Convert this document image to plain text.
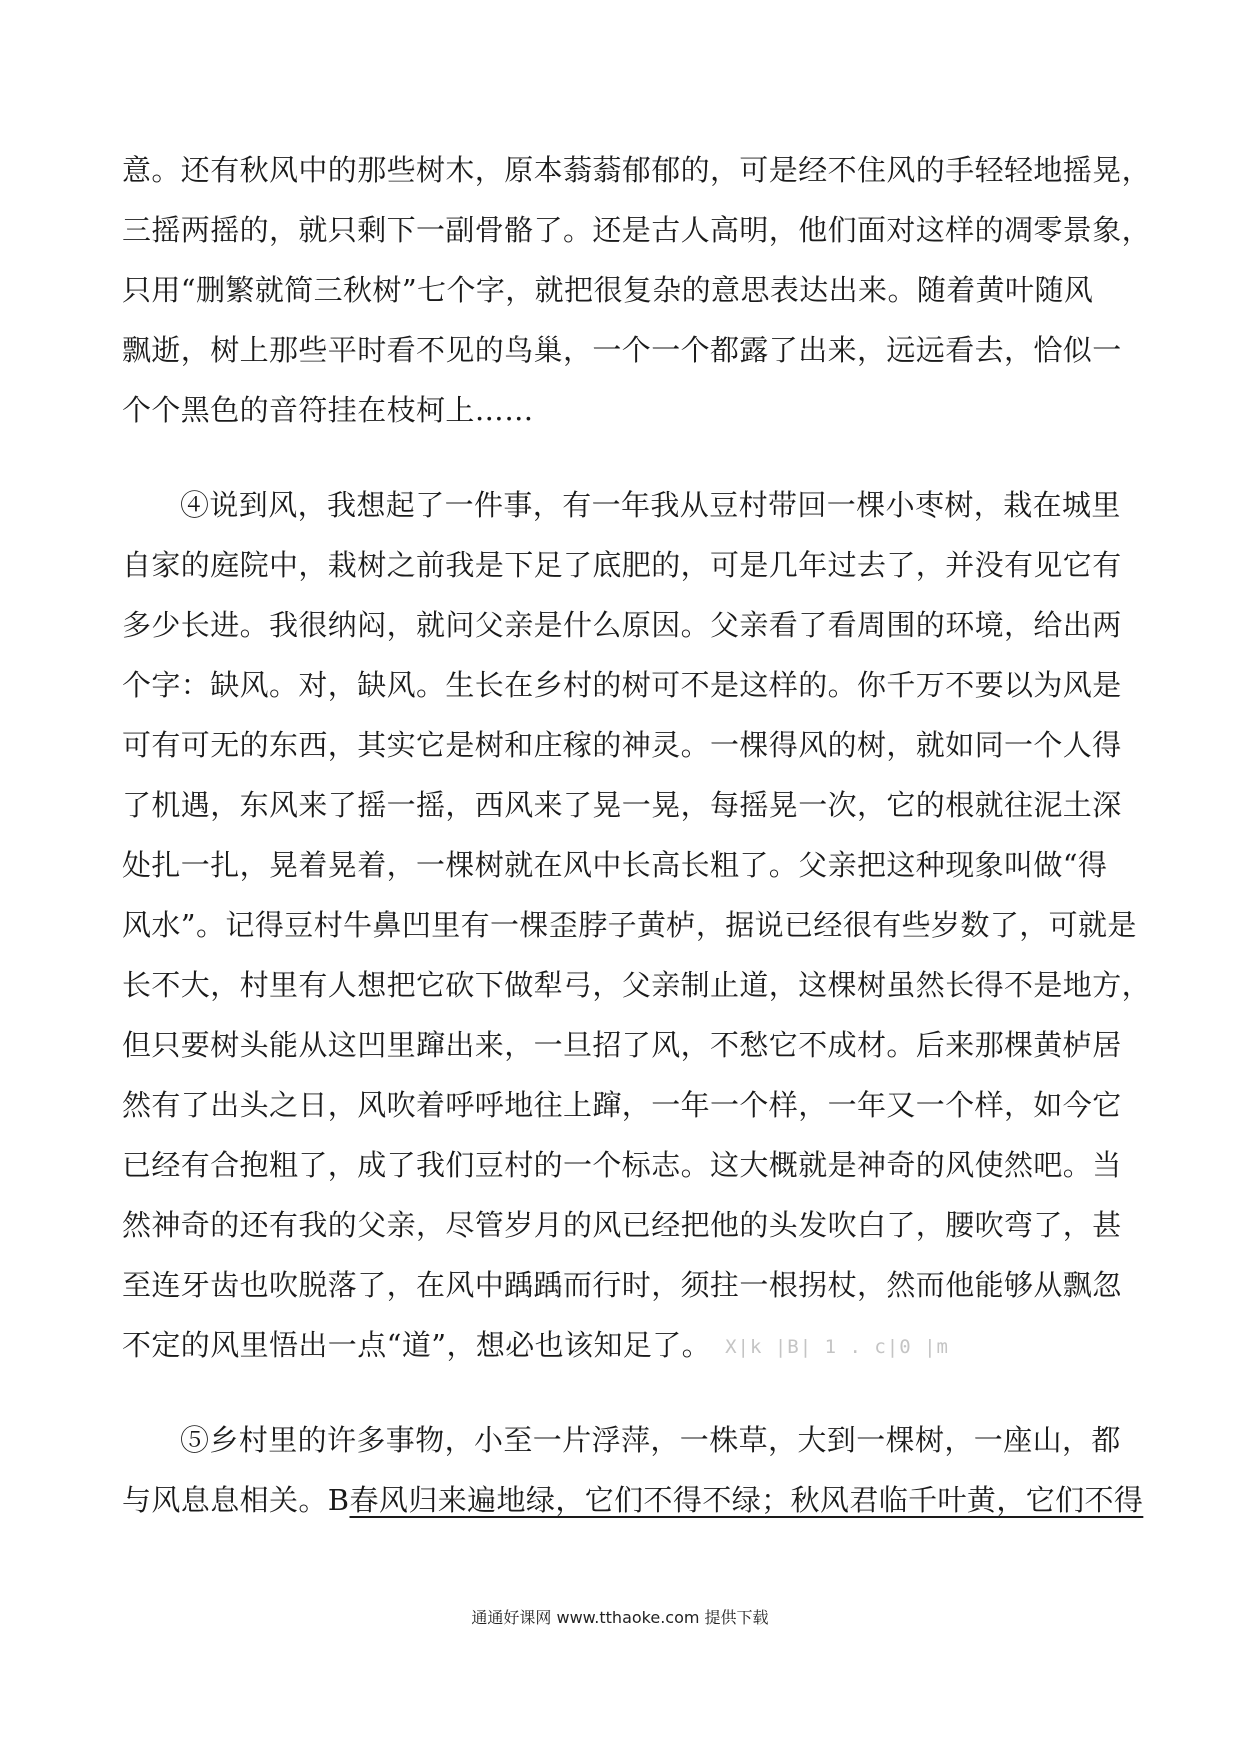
意。还有秋风中的那些树木，原本蓊蓊郁郁的，可是经不住风的手轻轻地摇晃，
三摇两摇的，就只剩下一副骨骼了。还是古人高明，他们面对这样的凋零景象，
只用“删繁就简三秋树”七个字，就把很复杂的意思表达出来。随着黄叶随风
飘逝，树上那些平时看不见的鸟巢，一个一个都露了出来，远远看去，恰似一
个个黑色的音符挂在枝柯上……
④说到风，我想起了一件事，有一年我从豆村带回一棵小枣树，栽在城里
自家的庭院中，栽树之前我是下足了底肥的，可是几年过去了，并没有见它有
多少长进。我很纳闷，就问父亲是什么原因。父亲看了看周围的环境，给出两
个字：缺风。对，缺风。生长在乡村的树可不是这样的。你千万不要以为风是
可有可无的东西，其实它是树和庄稼的神灵。一棵得风的树，就如同一个人得
了机遇，东风来了摇一摇，西风来了晃一晃，每摇晃一次，它的根就往泥土深
处扎一扎，晃着晃着，一棵树就在风中长高长粗了。父亲把这种现象叫做“得
风水”。记得豆村牛鼻凹里有一棵歪脖子黄栌，据说已经很有些岁数了，可就是
长不大，村里有人想把它砍下做犁弓，父亲制止道，这棵树虽然长得不是地方，
但只要树头能从这凹里蹿出来，一旦招了风，不愁它不成材。后来那棵黄栌居
然有了出头之日，风吹着呼呼地往上蹿，一年一个样，一年又一个样，如今它
已经有合抱粗了，成了我们豆村的一个标志。这大概就是神奇的风使然吧。当
然神奇的还有我的父亲，尽管岁月的风已经把他的头发吹白了，腰吹弯了，甚
至连牙齿也吹脱落了，在风中踽踽而行时，须拄一根拐杖，然而他能够从飘忽
不定的风里悟出一点“道”，想必也该知足了。 X|k |B| 1 . c|0 |m
⑤乡村里的许多事物，小至一片浮萍，一株草，大到一棵树，一座山，都
与风息息相关。B春风归来遍地绿，它们不得不绿；秋风君临千叶黄，它们不得
通通好课网 www.tthaoke.com 提供下载
